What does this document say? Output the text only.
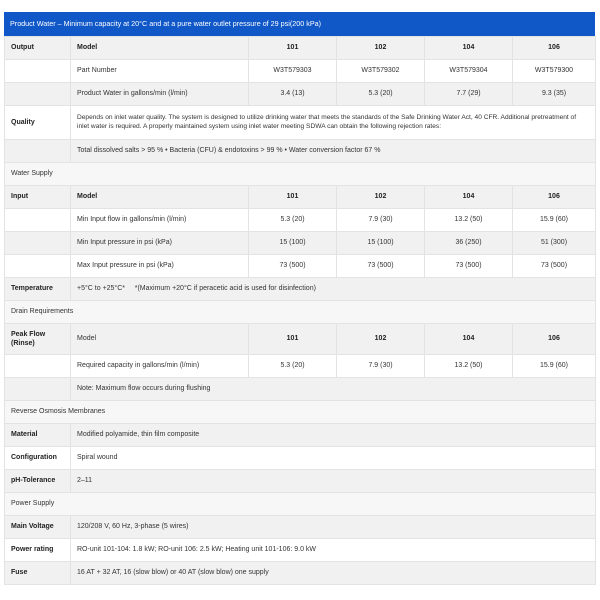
Product Water – Minimum capacity at 20°C and at a pure water outlet pressure of 29 psi(200 kPa)
Output	Model	101	102	104	106
	Part Number	W3T579303	W3T579302	W3T579304	W3T579300
	Product Water in gallons/min (l/min)	3.4 (13)	5.3 (20)	7.7 (29)	9.3 (35)
Quality	Depends on inlet water quality. The system is designed to utilize drinking water that meets the standards of the Safe Drinking Water Act, 40 CFR. Additional pretreatment of inlet water is required. A properly maintained system using inlet water meeting SDWA can obtain the following rejection rates:				
	Total dissolved salts > 95 % • Bacteria (CFU) & endotoxins > 99 % • Water conversion factor 67 %				
Water Supply					
Input	Model	101	102	104	106
	Min Input flow in gallons/min (l/min)	5.3 (20)	7.9 (30)	13.2 (50)	15.9 (60)
	Min Input pressure in psi (kPa)	15 (100)	15 (100)	36 (250)	51 (300)
	Max Input pressure in psi (kPa)	73 (500)	73 (500)	73 (500)	73 (500)
Temperature	+5°C to +25°C*     *(Maximum +20°C if peracetic acid is used for disinfection)				
Drain Requirements					
Peak Flow (Rinse)	Model	101	102	104	106
	Required capacity in gallons/min (l/min)	5.3 (20)	7.9 (30)	13.2 (50)	15.9 (60)
	Note: Maximum flow occurs during flushing				
Reverse Osmosis Membranes					
Material	Modified polyamide, thin film composite				
Configuration	Spiral wound				
pH-Tolerance	2–11				
Power Supply					
Main Voltage	120/208 V, 60 Hz, 3-phase (5 wires)				
Power rating	RO-unit 101-104: 1.8 kW; RO-unit 106: 2.5 kW; Heating unit 101-106: 9.0 kW				
Fuse	16 AT + 32 AT, 16 (slow blow) or 40 AT (slow blow) one supply				
